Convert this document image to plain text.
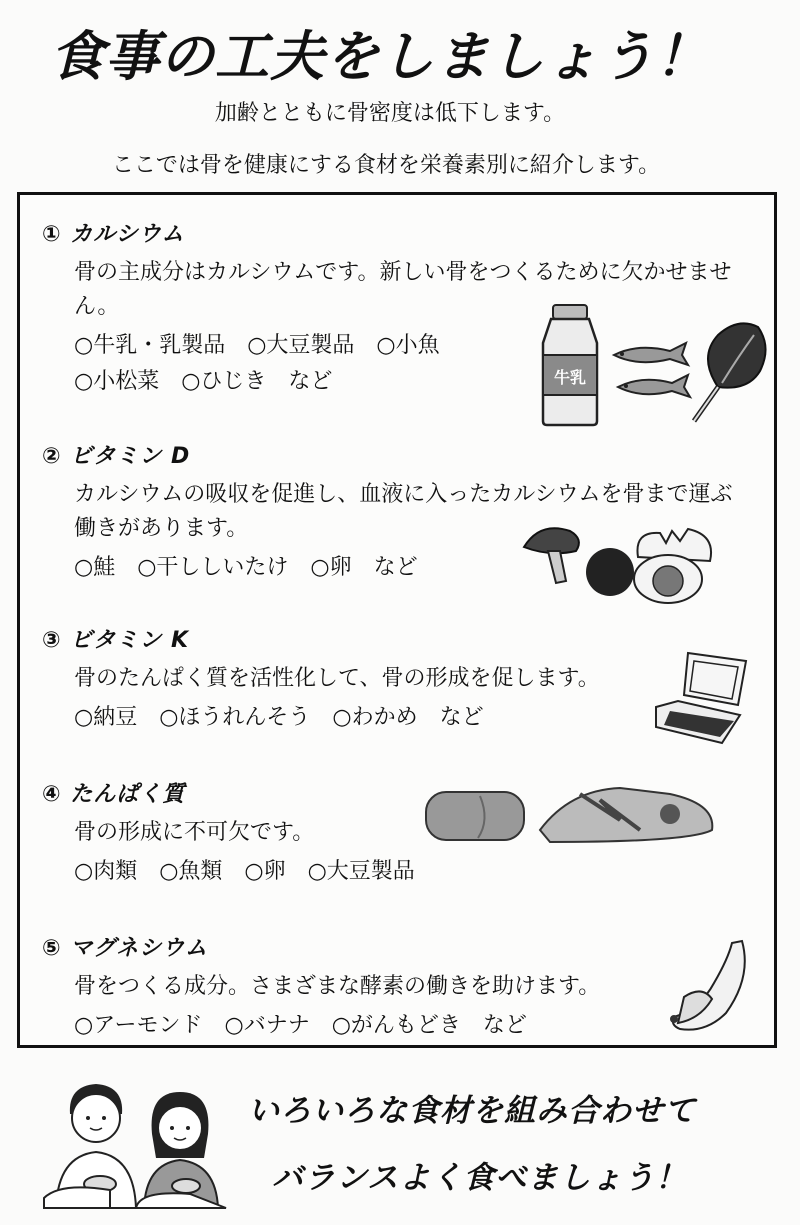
食事の工夫をしましょう！
加齢とともに骨密度は低下します。
ここでは骨を健康にする食材を栄養素別に紹介します。
① カルシウム
骨の主成分はカルシウムです。新しい骨をつくるために欠かせません。
○牛乳・乳製品　○大豆製品　○小魚
○小松菜　○ひじき　など	牛乳
② ビタミン D
カルシウムの吸収を促進し、血液に入ったカルシウムを骨まで運ぶ働きがあります。
○鮭　○干ししいたけ　○卵　など
③ ビタミン K
骨のたんぱく質を活性化して、骨の形成を促します。
○納豆　○ほうれんそう　○わかめ　など
④ たんぱく質
骨の形成に不可欠です。
○肉類　○魚類　○卵　○大豆製品
⑤ マグネシウム
骨をつくる成分。さまざまな酵素の働きを助けます。
○アーモンド　○バナナ　○がんもどき　など
いろいろな食材を組み合わせて
バランスよく食べましょう！
